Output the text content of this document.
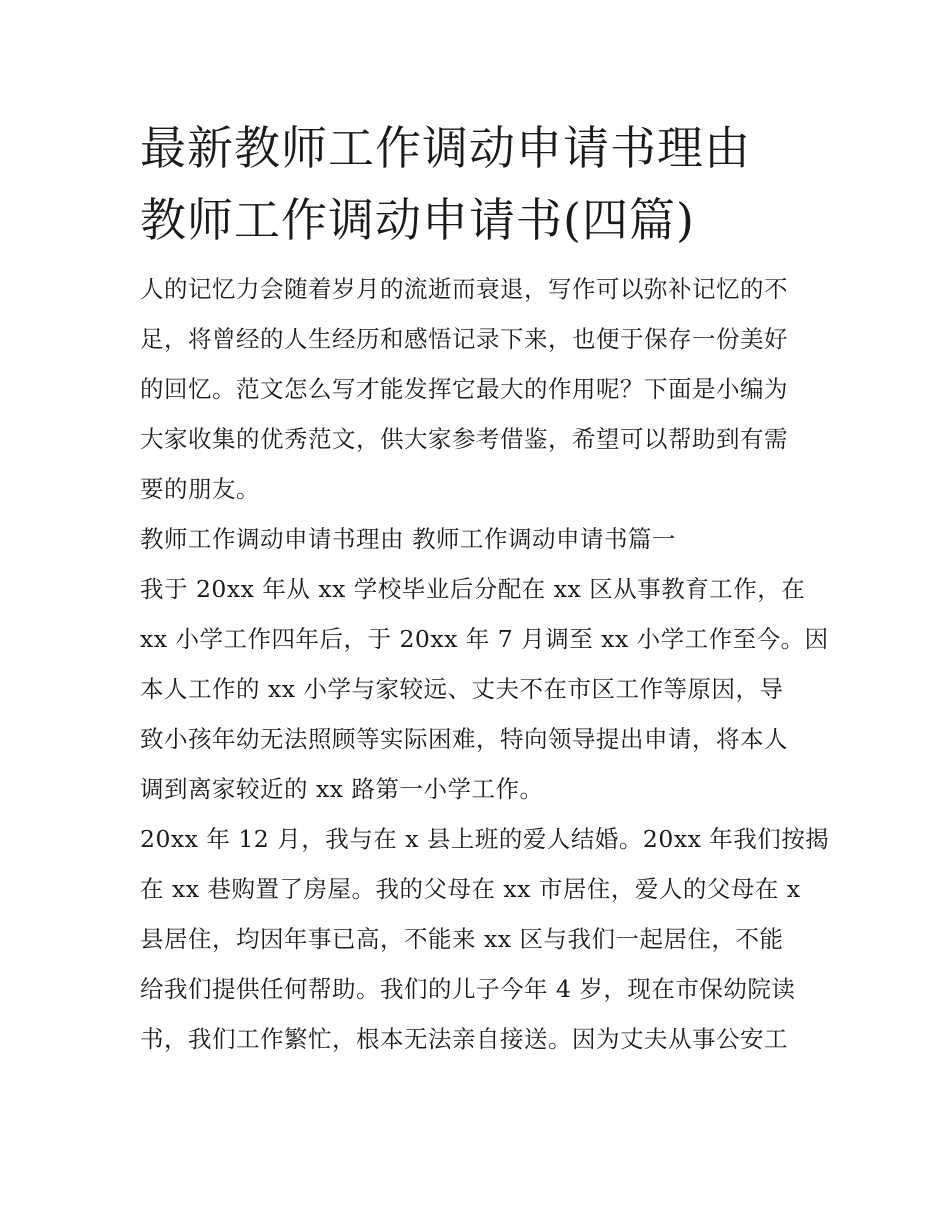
最新教师工作调动申请书理由
教师工作调动申请书(四篇)

人的记忆力会随着岁月的流逝而衰退，写作可以弥补记忆的不
足，将曾经的人生经历和感悟记录下来，也便于保存一份美好
的回忆。范文怎么写才能发挥它最大的作用呢？下面是小编为
大家收集的优秀范文，供大家参考借鉴，希望可以帮助到有需
要的朋友。

教师工作调动申请书理由 教师工作调动申请书篇一

我于 20xx 年从 xx 学校毕业后分配在 xx 区从事教育工作，在
xx 小学工作四年后，于 20xx 年 7 月调至 xx 小学工作至今。因
本人工作的 xx 小学与家较远、丈夫不在市区工作等原因，导
致小孩年幼无法照顾等实际困难，特向领导提出申请，将本人
调到离家较近的 xx 路第一小学工作。

20xx 年 12 月，我与在 x 县上班的爱人结婚。20xx 年我们按揭
在 xx 巷购置了房屋。我的父母在 xx 市居住，爱人的父母在 x
县居住，均因年事已高，不能来 xx 区与我们一起居住，不能
给我们提供任何帮助。我们的儿子今年 4 岁，现在市保幼院读
书，我们工作繁忙，根本无法亲自接送。因为丈夫从事公安工
